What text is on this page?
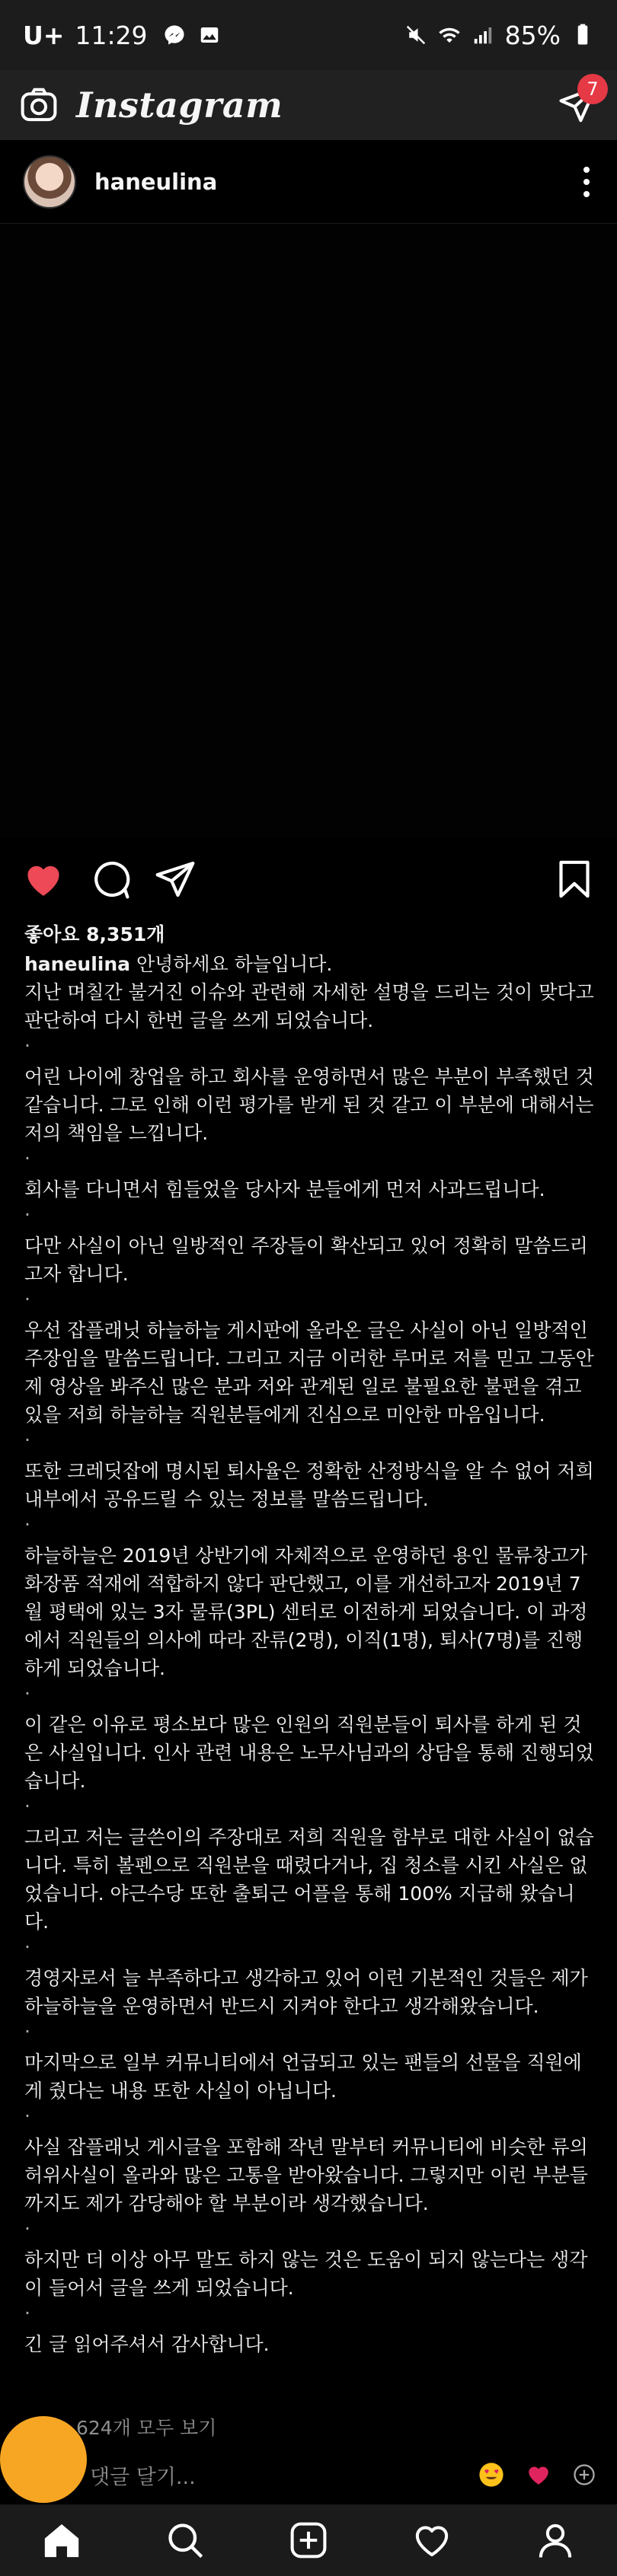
U+ 11:29	85%
Instagram	7
haneulina
좋아요 8,351개

haneulina 안녕하세요 하늘입니다.
지난 며칠간 불거진 이슈와 관련해 자세한 설명을 드리는 것이 맞다고 판단하여 다시 한번 글을 쓰게 되었습니다.

.

어린 나이에 창업을 하고 회사를 운영하면서 많은 부분이 부족했던 것 같습니다. 그로 인해 이런 평가를 받게 된 것 같고 이 부분에 대해서는 저의 책임을 느낍니다.

.

회사를 다니면서 힘들었을 당사자 분들에게 먼저 사과드립니다.

.

다만 사실이 아닌 일방적인 주장들이 확산되고 있어 정확히 말씀드리고자 합니다.

.

우선 잡플래닛 하늘하늘 게시판에 올라온 글은 사실이 아닌 일방적인 주장임을 말씀드립니다. 그리고 지금 이러한 루머로 저를 믿고 그동안 제 영상을 봐주신 많은 분과 저와 관계된 일로 불필요한 불편을 겪고 있을 저희 하늘하늘 직원분들에게 진심으로 미안한 마음입니다.

.

또한 크레딧잡에 명시된 퇴사율은 정확한 산정방식을 알 수 없어 저희 내부에서 공유드릴 수 있는 정보를 말씀드립니다.

.

하늘하늘은 2019년 상반기에 자체적으로 운영하던 용인 물류창고가 화장품 적재에 적합하지 않다 판단했고, 이를 개선하고자 2019년 7월 평택에 있는 3자 물류(3PL) 센터로 이전하게 되었습니다. 이 과정에서 직원들의 의사에 따라 잔류(2명), 이직(1명), 퇴사(7명)를 진행하게 되었습니다.

.

이 같은 이유로 평소보다 많은 인원의 직원분들이 퇴사를 하게 된 것은 사실입니다. 인사 관련 내용은 노무사님과의 상담을 통해 진행되었습니다.

.

그리고 저는 글쓴이의 주장대로 저희 직원을 함부로 대한 사실이 없습니다. 특히 볼펜으로 직원분을 때렸다거나, 집 청소를 시킨 사실은 없었습니다. 야근수당 또한 출퇴근 어플을 통해 100% 지급해 왔습니다.

.

경영자로서 늘 부족하다고 생각하고 있어 이런 기본적인 것들은 제가 하늘하늘을 운영하면서 반드시 지켜야 한다고 생각해왔습니다.

.

마지막으로 일부 커뮤니티에서 언급되고 있는 팬들의 선물을 직원에게 줬다는 내용 또한 사실이 아닙니다.

.

사실 잡플래닛 게시글을 포함해 작년 말부터 커뮤니티에 비슷한 류의 허위사실이 올라와 많은 고통을 받아왔습니다. 그렇지만 이런 부분들까지도 제가 감당해야 할 부분이라 생각했습니다.

.

하지만 더 이상 아무 말도 하지 않는 것은 도움이 되지 않는다는 생각이 들어서 글을 쓰게 되었습니다.

.

긴 글 읽어주셔서 감사합니다.

624개 모두 보기
댓글 달기...
